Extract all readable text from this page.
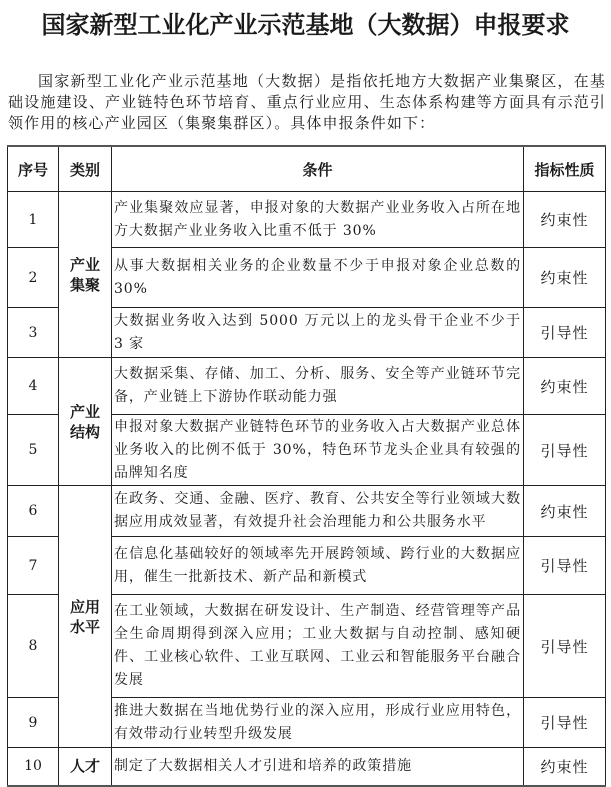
国家新型工业化产业示范基地（大数据）申报要求
国家新型工业化产业示范基地（大数据）是指依托地方大数据产业集聚区，在基础设施建设、产业链特色环节培育、重点行业应用、生态体系构建等方面具有示范引领作用的核心产业园区（集聚集群区）。具体申报条件如下：
序号	类别	条件	指标性质
1	产业集聚	产业集聚效应显著，申报对象的大数据产业业务收入占所在地方大数据产业业务收入比重不低于 30%	约束性
2		从事大数据相关业务的企业数量不少于申报对象企业总数的 30%	约束性
3		大数据业务收入达到 5000 万元以上的龙头骨干企业不少于 3 家	引导性
4	产业结构	大数据采集、存储、加工、分析、服务、安全等产业链环节完备，产业链上下游协作联动能力强	约束性
5		申报对象大数据产业链特色环节的业务收入占大数据产业总体业务收入的比例不低于 30%，特色环节龙头企业具有较强的品牌知名度	引导性
6	应用水平	在政务、交通、金融、医疗、教育、公共安全等行业领域大数据应用成效显著，有效提升社会治理能力和公共服务水平	约束性
7		在信息化基础较好的领域率先开展跨领域、跨行业的大数据应用，催生一批新技术、新产品和新模式	引导性
8		在工业领域，大数据在研发设计、生产制造、经营管理等产品全生命周期得到深入应用；工业大数据与自动控制、感知硬件、工业核心软件、工业互联网、工业云和智能服务平台融合发展	引导性
9		推进大数据在当地优势行业的深入应用，形成行业应用特色，有效带动行业转型升级发展	引导性
10	人才	制定了大数据相关人才引进和培养的政策措施	约束性
